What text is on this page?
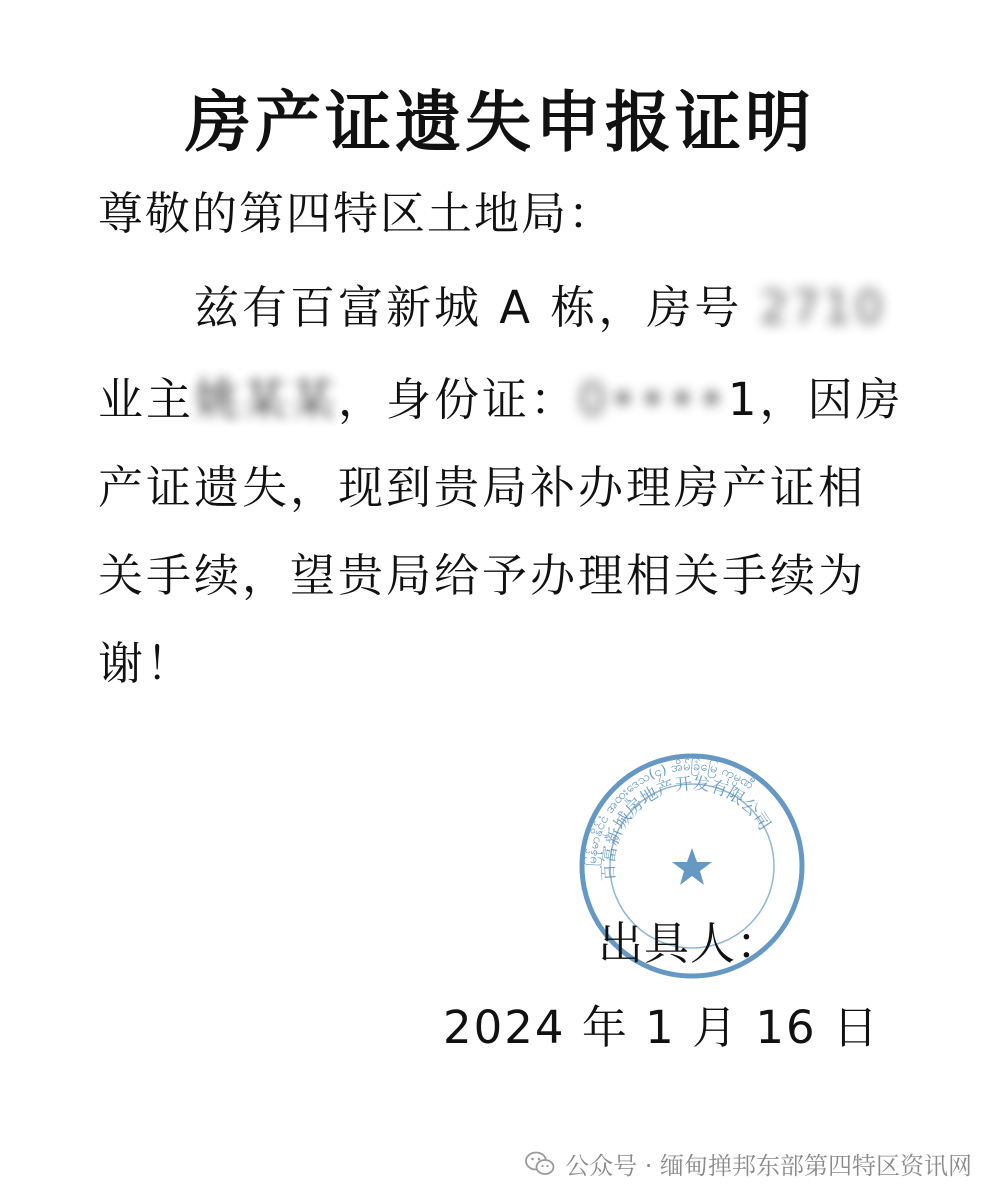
房产证遗失申报证明
尊敬的第四特区土地局：
　　兹有百富新城 A 栋，房号 2710
业主姚某某，身份证：0••••1，因房
产证遗失，现到贵局补办理房产证相
关手续，望贵局给予办理相关手续为
谢！
မြန်မာနိုင်ငံ အထူးဒေသ(၄) အိမ်ခြံမြေ ကုမ္ပဏီ
百富新城房地产开发有限公司
出具人：
2024 年 1 月 16 日
公众号 · 缅甸掸邦东部第四特区资讯网
